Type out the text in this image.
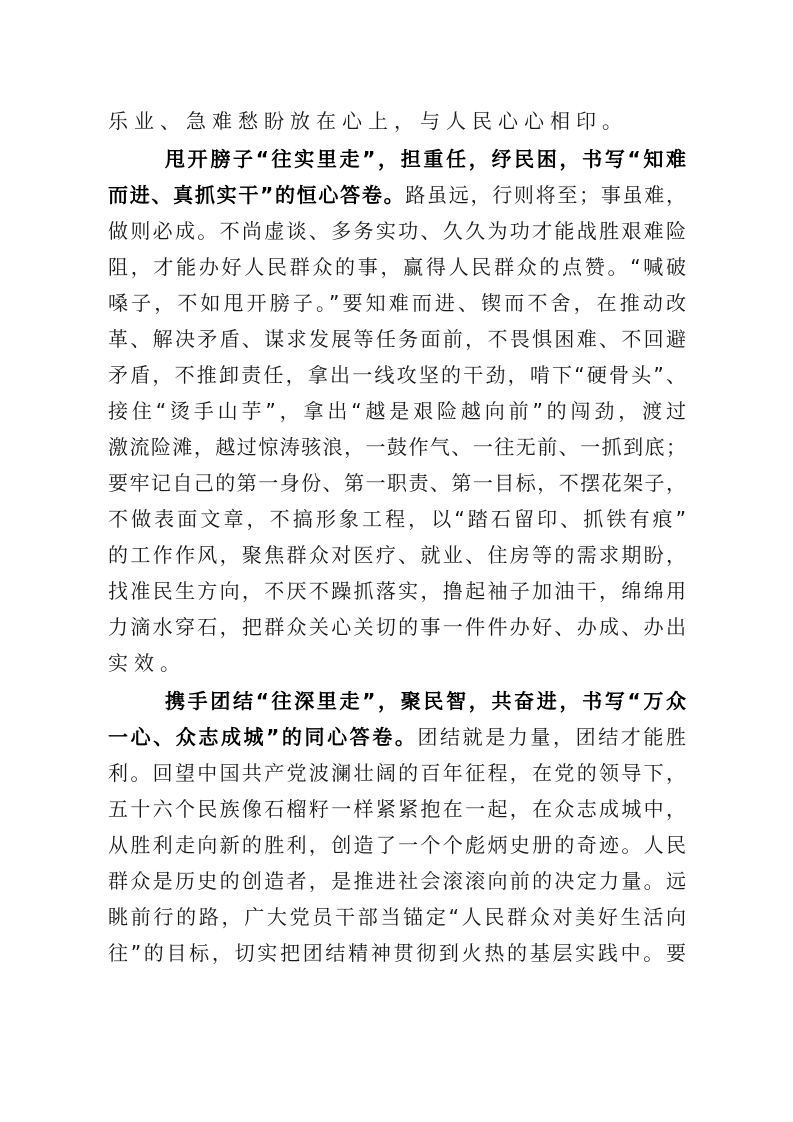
乐业、急难愁盼放在心上，与人民心心相印。
甩开膀子“往实里走”，担重任，纾民困，书写“知难
而进、真抓实干”的恒心答卷。路虽远，行则将至；事虽难，
做则必成。不尚虚谈、多务实功、久久为功才能战胜艰难险
阻，才能办好人民群众的事，赢得人民群众的点赞。“喊破
嗓子，不如甩开膀子。”要知难而进、锲而不舍，在推动改
革、解决矛盾、谋求发展等任务面前，不畏惧困难、不回避
矛盾，不推卸责任，拿出一线攻坚的干劲，啃下“硬骨头”、
接住“烫手山芋”，拿出“越是艰险越向前”的闯劲，渡过
激流险滩，越过惊涛骇浪，一鼓作气、一往无前、一抓到底；
要牢记自己的第一身份、第一职责、第一目标，不摆花架子，
不做表面文章，不搞形象工程，以“踏石留印、抓铁有痕”
的工作作风，聚焦群众对医疗、就业、住房等的需求期盼，
找准民生方向，不厌不躁抓落实，撸起袖子加油干，绵绵用
力滴水穿石，把群众关心关切的事一件件办好、办成、办出
实效。
携手团结“往深里走”，聚民智，共奋进，书写“万众
一心、众志成城”的同心答卷。团结就是力量，团结才能胜
利。回望中国共产党波澜壮阔的百年征程，在党的领导下，
五十六个民族像石榴籽一样紧紧抱在一起，在众志成城中，
从胜利走向新的胜利，创造了一个个彪炳史册的奇迹。人民
群众是历史的创造者，是推进社会滚滚向前的决定力量。远
眺前行的路，广大党员干部当锚定“人民群众对美好生活向
往”的目标，切实把团结精神贯彻到火热的基层实践中。要
